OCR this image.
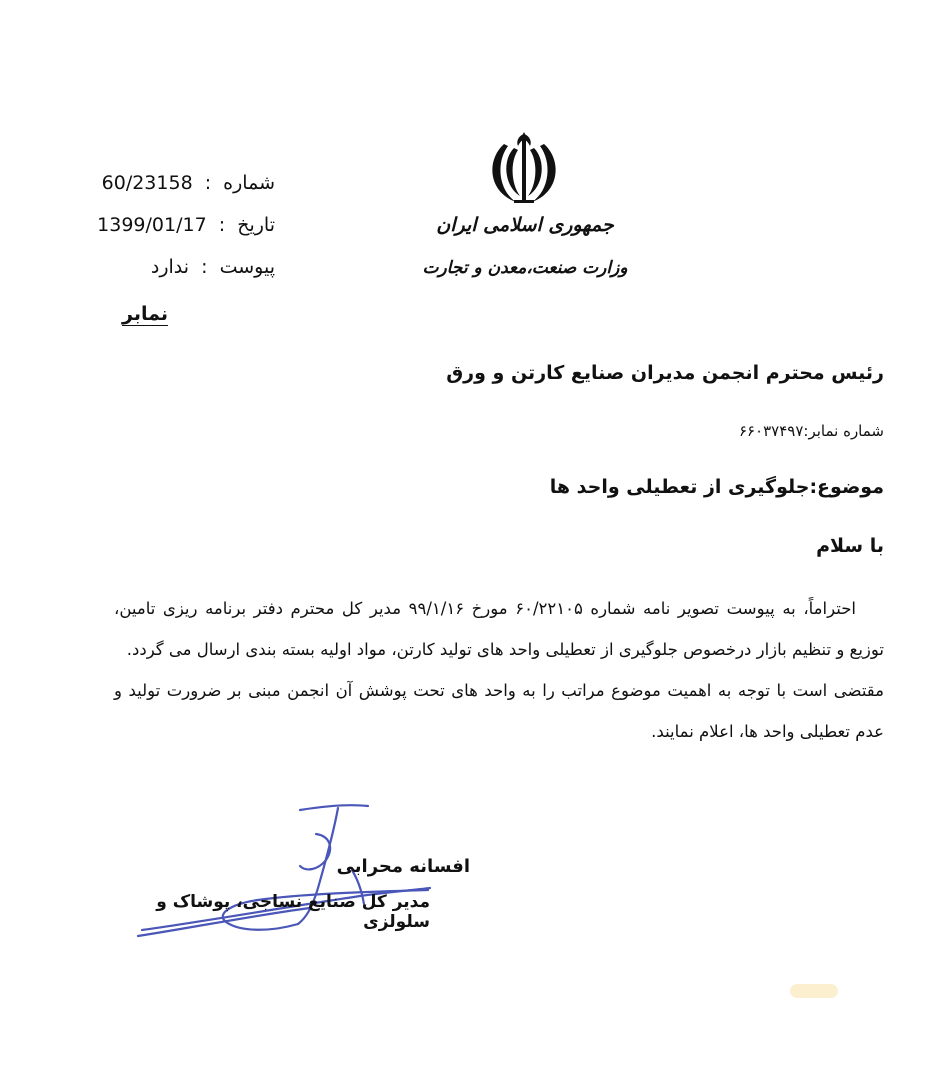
جمهوری اسلامی ایران
وزارت صنعت،معدن و تجارت
شماره : 60/23158
تاریخ : 1399/01/17
پیوست : ندارد
نمابر
رئیس محترم انجمن مدیران صنایع کارتن و ورق
شماره نمابر:۶۶۰۳۷۴۹۷
موضوع:جلوگیری از تعطیلی واحد ها
با سلام

احتراماً، به پیوست تصویر نامه شماره ۶۰/۲۲۱۰۵ مورخ ۹۹/۱/۱۶ مدیر کل محترم دفتر برنامه ریزی تامین، توزیع و تنظیم بازار درخصوص جلوگیری از تعطیلی واحد های تولید کارتن، مواد اولیه بسته بندی ارسال می گردد.

مقتضی است با توجه به اهمیت موضوع مراتب را به واحد های تحت پوشش آن انجمن مبنی بر ضرورت تولید و عدم تعطیلی واحد ها، اعلام نمایند.

افسانه محرابی
مدیر کل صنایع نساجی، پوشاک و سلولزی
